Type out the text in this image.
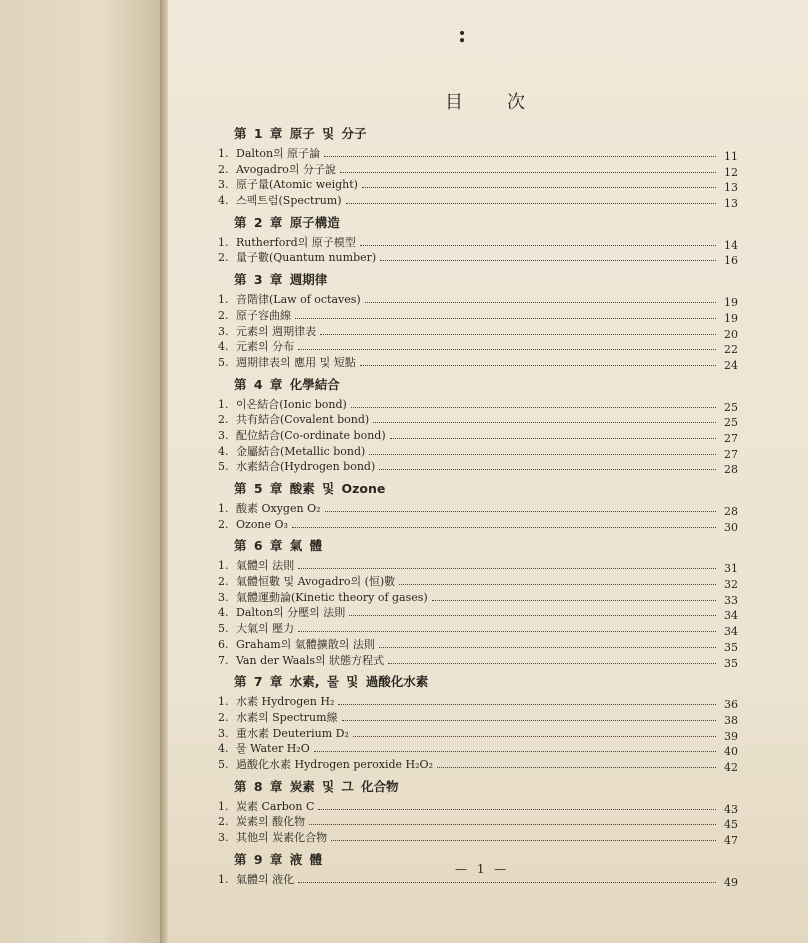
:
目 次
第 1 章 原子 및 分子
1. Dalton의 原子論	11
2. Avogadro의 分子說	12
3. 原子量(Atomic weight)	13
4. 스펙트럼(Spectrum)	13
第 2 章 原子構造
1. Rutherford의 原子模型	14
2. 量子數(Quantum number)	16
第 3 章 週期律
1. 音階律(Law of octaves)	19
2. 原子容曲線	19
3. 元素의 週期律表	20
4. 元素의 分布	22
5. 週期律表의 應用 및 短點	24
第 4 章 化學結合
1. 이온結合(Ionic bond)	25
2. 共有結合(Covalent bond)	25
3. 配位結合(Co-ordinate bond)	27
4. 金屬結合(Metallic bond)	27
5. 水素結合(Hydrogen bond)	28
第 5 章 酸素 및 Ozone
1. 酸素 Oxygen O₂	28
2. Ozone O₃	30
第 6 章 氣 體
1. 氣體의 法則	31
2. 氣體恒數 및 Avogadro의 (恒)數	32
3. 氣體運動論(Kinetic theory of gases)	33
4. Dalton의 分壓의 法則	34
5. 大氣의 壓力	34
6. Graham의 氣體擴散의 法則	35
7. Van der Waals의 狀態方程式	35
第 7 章 水素, 물 및 過酸化水素
1. 水素 Hydrogen H₂	36
2. 水素의 Spectrum線	38
3. 重水素 Deuterium D₂	39
4. 물 Water H₂O	40
5. 過酸化水素 Hydrogen peroxide H₂O₂	42
第 8 章 炭素 및 그 化合物
1. 炭素 Carbon C	43
2. 炭素의 酸化物	45
3. 其他의 炭素化合物	47
第 9 章 液 體
1. 氣體의 液化	49
— 1 —
